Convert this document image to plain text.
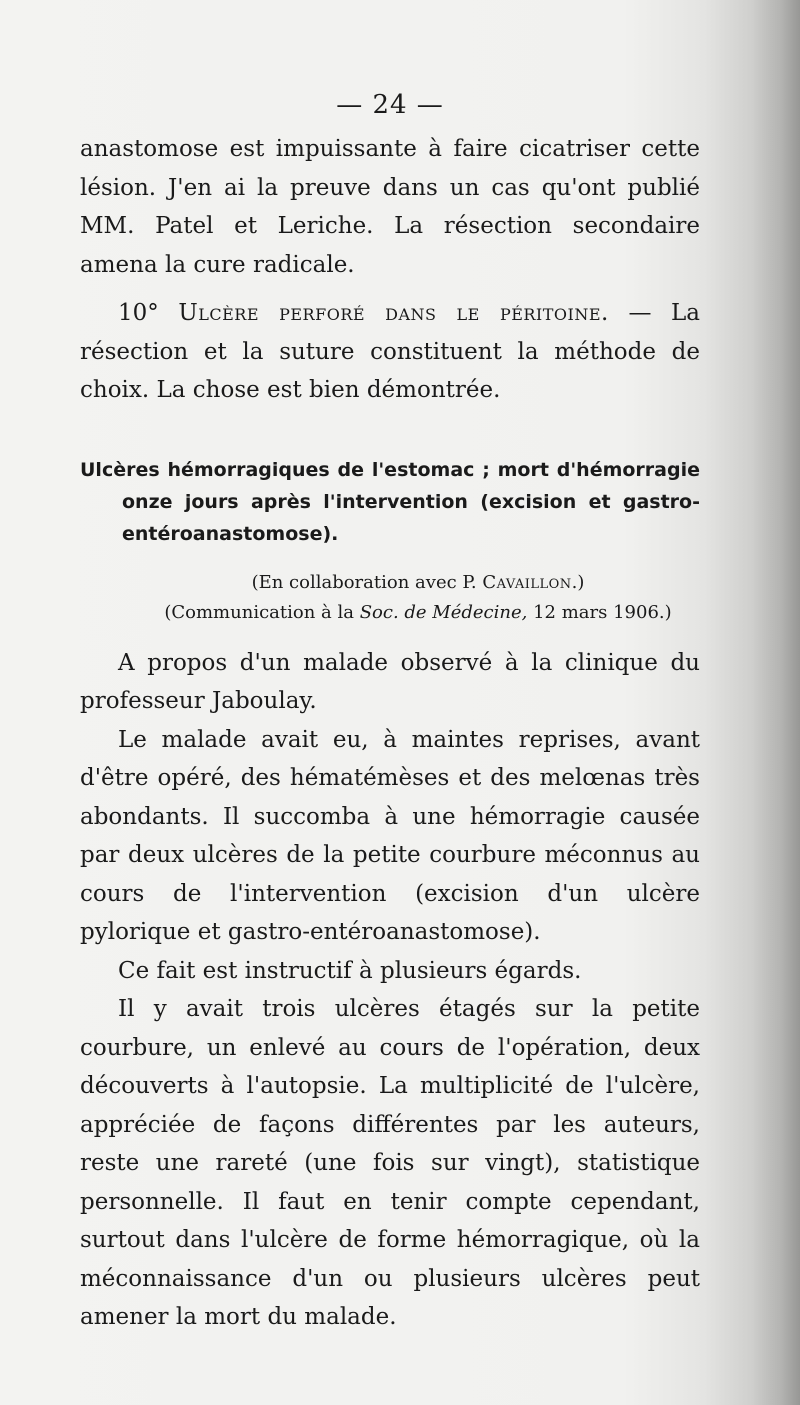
— 24 —

anastomose est impuissante à faire cicatriser cette lésion. J'en ai la preuve dans un cas qu'ont publié MM. Patel et Leriche. La résection secondaire amena la cure radicale.

10° Ulcère perforé dans le péritoine. — La résection et la suture constituent la méthode de choix. La chose est bien démontrée.

Ulcères hémorragiques de l'estomac ; mort d'hémorragie onze jours après l'intervention (excision et gastro-entéroanastomose).
(En collaboration avec P. Cavaillon.)
(Communication à la Soc. de Médecine, 12 mars 1906.)

A propos d'un malade observé à la clinique du professeur Jaboulay.

Le malade avait eu, à maintes reprises, avant d'être opéré, des hématémèses et des melœnas très abondants. Il succomba à une hémorragie causée par deux ulcères de la petite courbure méconnus au cours de l'intervention (excision d'un ulcère pylorique et gastro-entéroanastomose).

Ce fait est instructif à plusieurs égards.

Il y avait trois ulcères étagés sur la petite courbure, un enlevé au cours de l'opération, deux découverts à l'autopsie. La multiplicité de l'ulcère, appréciée de façons différentes par les auteurs, reste une rareté (une fois sur vingt), statistique personnelle. Il faut en tenir compte cependant, surtout dans l'ulcère de forme hémorragique, où la méconnaissance d'un ou plusieurs ulcères peut amener la mort du malade.
